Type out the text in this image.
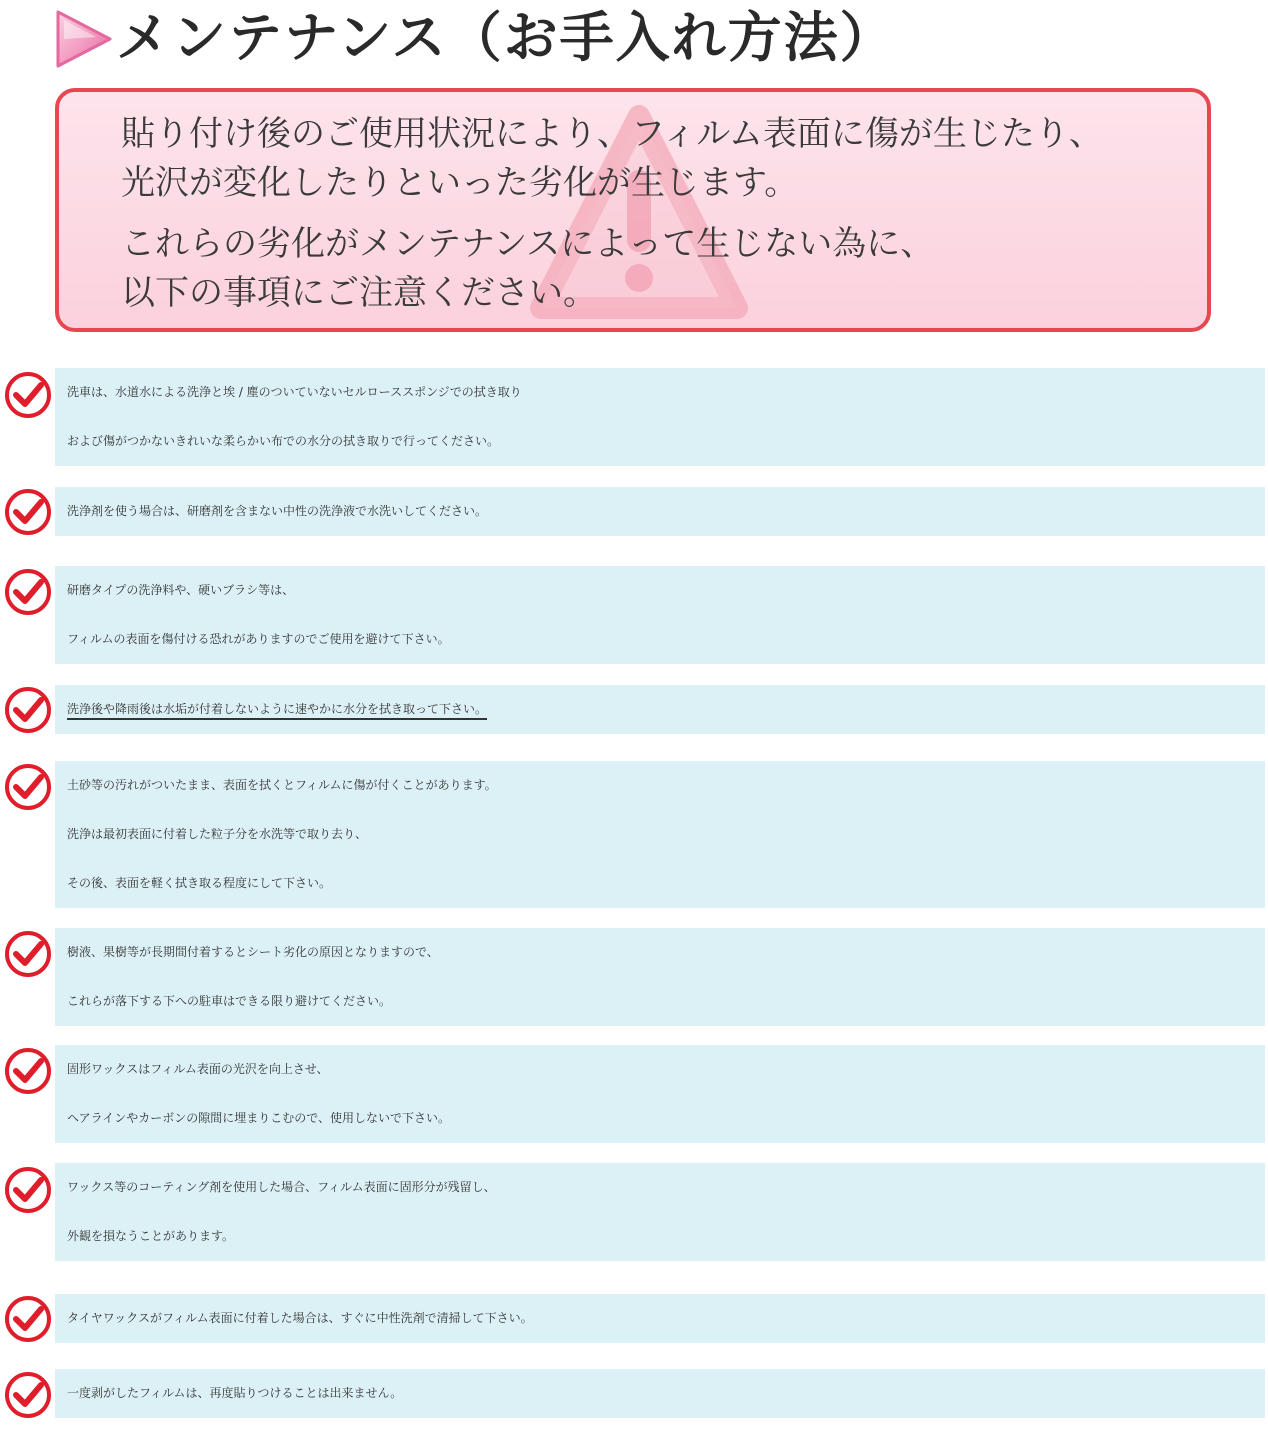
メンテナンス（お手入れ方法）

貼り付け後のご使用状況により、フィルム表面に傷が生じたり、
光沢が変化したりといった劣化が生じます。

これらの劣化がメンテナンスによって生じない為に、
以下の事項にご注意ください。

洗車は、水道水による洗浄と埃 / 塵のついていないセルローススポンジでの拭き取り
および傷がつかないきれいな柔らかい布での水分の拭き取りで行ってください。
洗浄剤を使う場合は、研磨剤を含まない中性の洗浄液で水洗いしてください。
研磨タイプの洗浄料や、硬いブラシ等は、
フィルムの表面を傷付ける恐れがありますのでご使用を避けて下さい。
洗浄後や降雨後は水垢が付着しないように速やかに水分を拭き取って下さい。
土砂等の汚れがついたまま、表面を拭くとフィルムに傷が付くことがあります。
洗浄は最初表面に付着した粒子分を水洗等で取り去り、
その後、表面を軽く拭き取る程度にして下さい。
樹液、果樹等が長期間付着するとシート劣化の原因となりますので、
これらが落下する下への駐車はできる限り避けてください。
固形ワックスはフィルム表面の光沢を向上させ、
ヘアラインやカーボンの隙間に埋まりこむので、使用しないで下さい。
ワックス等のコーティング剤を使用した場合、フィルム表面に固形分が残留し、
外観を損なうことがあります。
タイヤワックスがフィルム表面に付着した場合は、すぐに中性洗剤で清掃して下さい。
一度剥がしたフィルムは、再度貼りつけることは出来ません。
